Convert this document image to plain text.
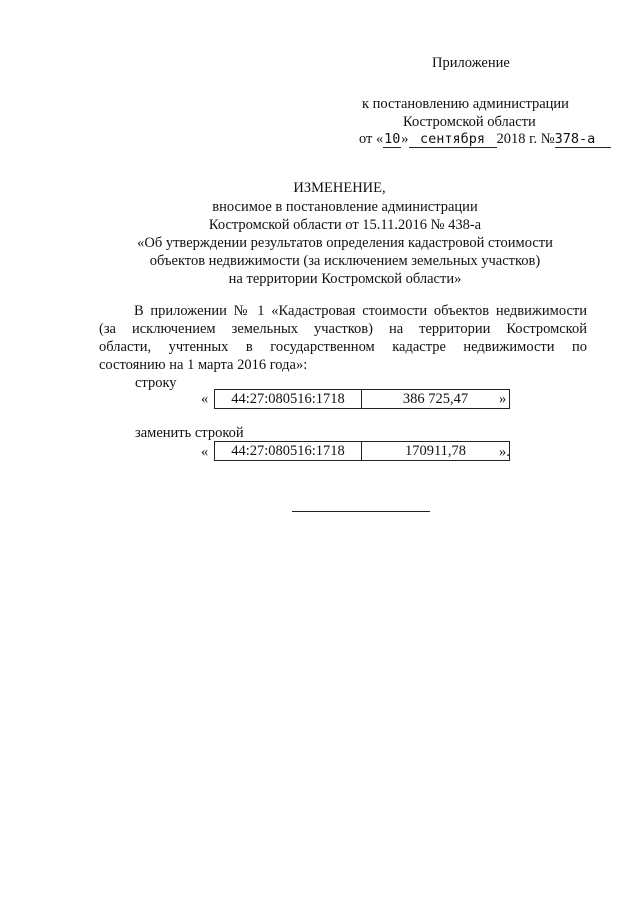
Приложение
к постановлению администрации
Костромской области
от «10» сентября 2018 г. №378-а
ИЗМЕНЕНИЕ,
вносимое в постановление администрации
Костромской области от 15.11.2016 № 438-а
«Об утверждении результатов определения кадастровой стоимости
объектов недвижимости (за исключением земельных участков)
на территории Костромской области»
В приложении № 1 «Кадастровая стоимости объектов недвижимости
(за исключением земельных участков) на территории Костромской
области, учтенных в государственном кадастре недвижимости по
состоянию на 1 марта 2016 года»:
строку
«	44:27:080516:1718	386 725,47	»
заменить строкой
«	44:27:080516:1718	170911,78	».
